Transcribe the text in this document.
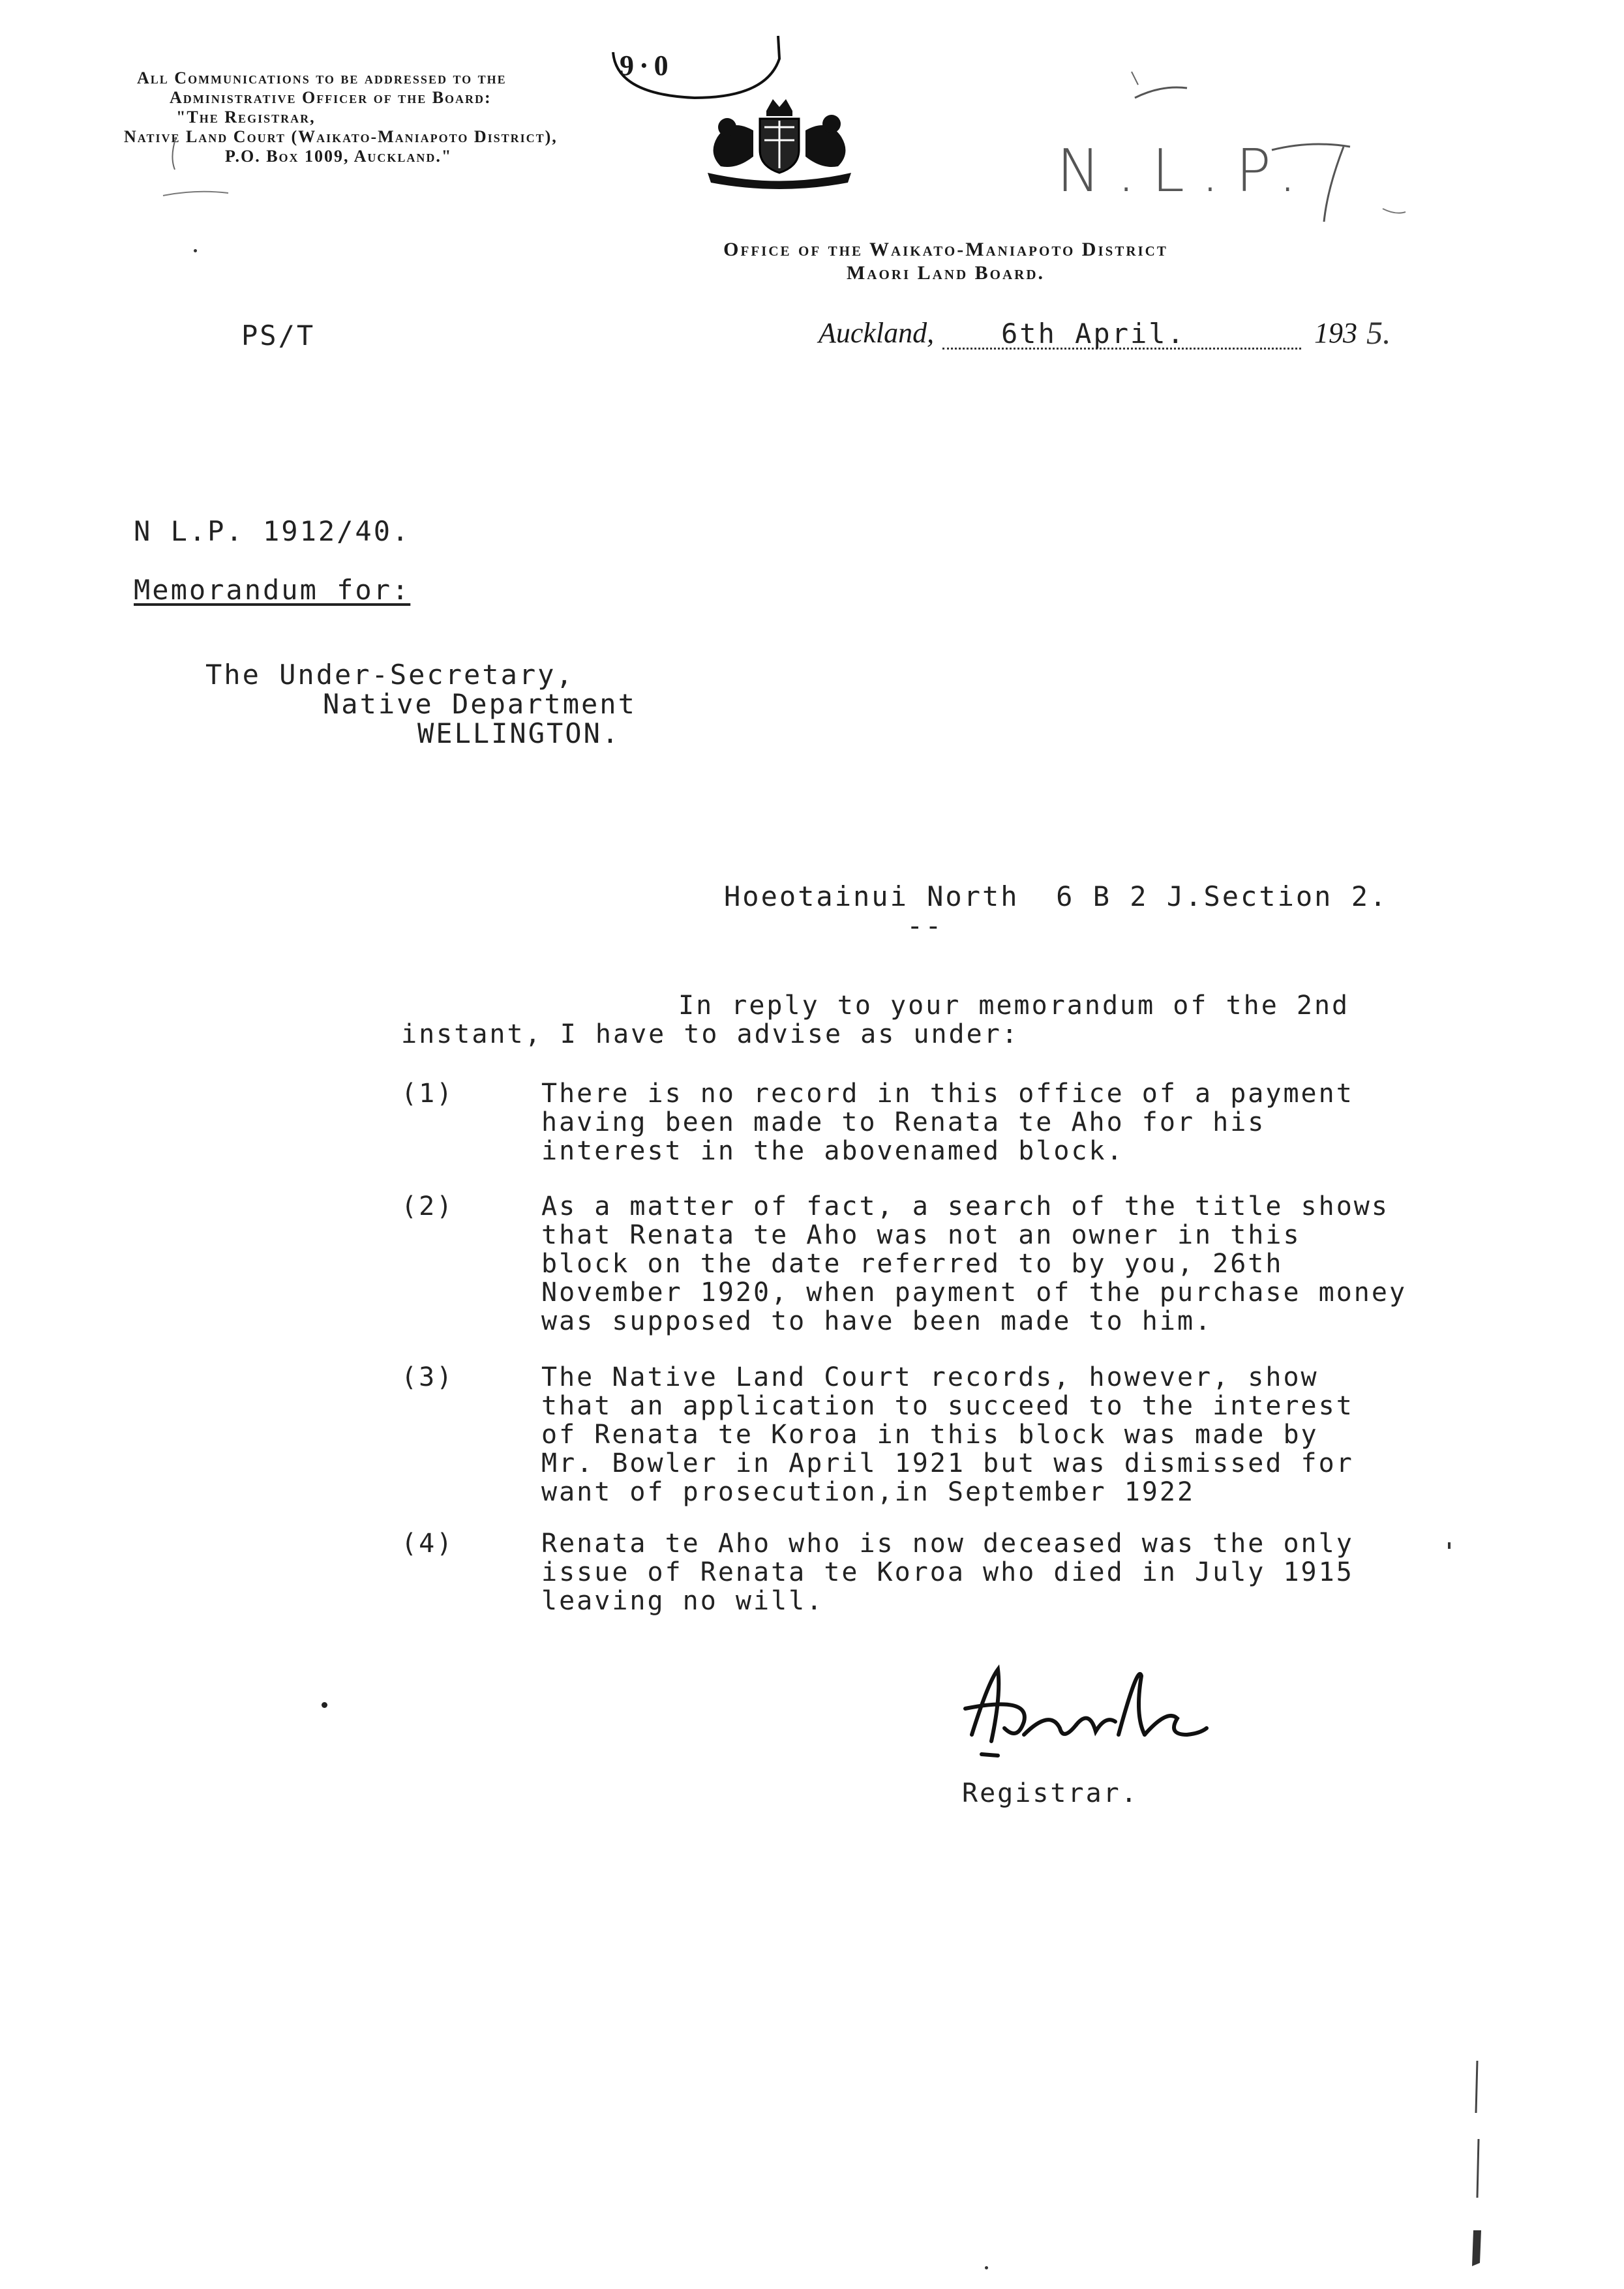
All Communications to be addressed to the
Administrative Officer of the Board:
"The Registrar,
Native Land Court (Waikato-Maniapoto District),
P.O. Box 1009, Auckland."
9·0
N.L.P.
Office of the Waikato-Maniapoto District
Maori Land Board.
PS/T	Auckland, 6th April.	193 5.
N L.P. 1912/40.
Memorandum for:
The Under-Secretary,
Native Department
WELLINGTON.
Hoeotainui North  6 B 2 J.Section 2.
--
In reply to your memorandum of the 2nd
instant, I have to advise as under:
(1)	There is no record in this office of a payment
having been made to Renata te Aho for his
interest in the abovenamed block.
(2)	As a matter of fact, a search of the title shows
that Renata te Aho was not an owner in this
block on the date referred to by you, 26th
November 1920, when payment of the purchase money
was supposed to have been made to him.
(3)	The Native Land Court records, however, show
that an application to succeed to the interest
of Renata te Koroa in this block was made by
Mr. Bowler in April 1921 but was dismissed for
want of prosecution,in September 1922
(4)	Renata te Aho who is now deceased was the only
issue of Renata te Koroa who died in July 1915
leaving no will.
Registrar.
